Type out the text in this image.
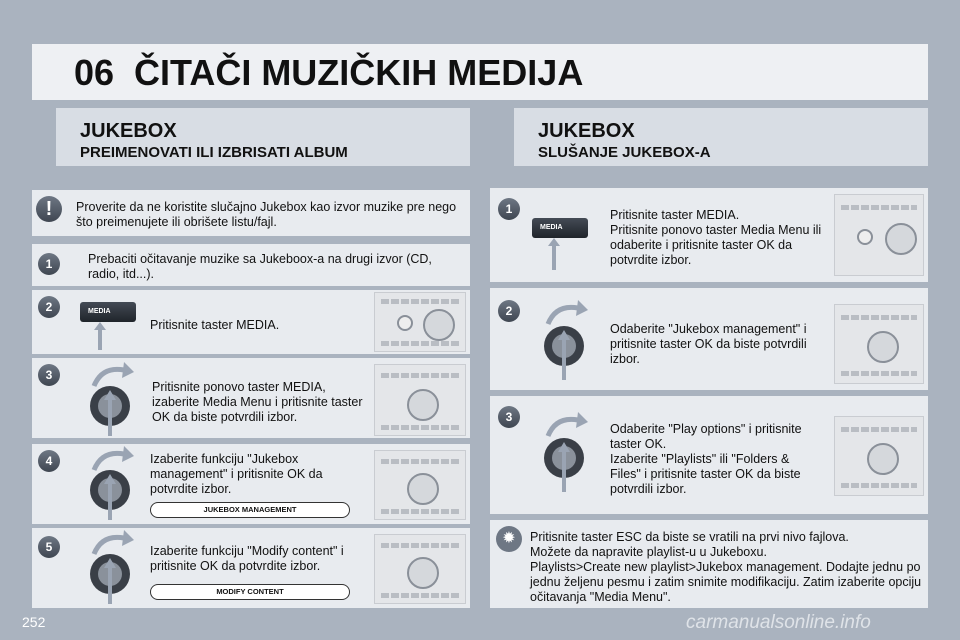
06 ČITAČI MUZIČKIH MEDIJA
JUKEBOX
PREIMENOVATI ILI IZBRISATI ALBUM
!	Proverite da ne koristite slučajno Jukebox kao izvor muzike pre nego što preimenujete ili obrišete listu/fajl.
1	Prebaciti očitavanje muzike sa Jukeboox-a na drugi izvor (CD, radio, itd...).
2	MEDIA
Pritisnite taster MEDIA.
3
Pritisnite ponovo taster MEDIA, izaberite Media Menu i pritisnite taster OK da biste potvrdili izbor.
4	Izaberite funkciju "Jukebox management" i pritisnite OK da potvrdite izbor.
JUKEBOX MANAGEMENT
5	Izaberite funkciju "Modify content" i pritisnite OK da potvrdite izbor.
MODIFY CONTENT
JUKEBOX
SLUŠANJE JUKEBOX-A
1
MEDIA
Pritisnite taster MEDIA.
Pritisnite ponovo taster Media Menu ili odaberite i pritisnite taster OK da potvrdite izbor.
2
Odaberite "Jukebox management" i pritisnite taster OK da biste potvrdili izbor.
3
Odaberite "Play options" i pritisnite taster OK.
Izaberite "Playlists" ili "Folders & Files" i pritisnite taster OK da biste potvrdili izbor.
✹	Pritisnite taster ESC da biste se vratili na prvi nivo fajlova.
Možete da napravite playlist-u u Jukeboxu.
Playlists>Create new playlist>Jukebox management. Dodajte jednu po jednu željenu pesmu i zatim snimite modifikaciju. Zatim izaberite opciju očitavanja "Media Menu".
252	carmanualsonline.info
